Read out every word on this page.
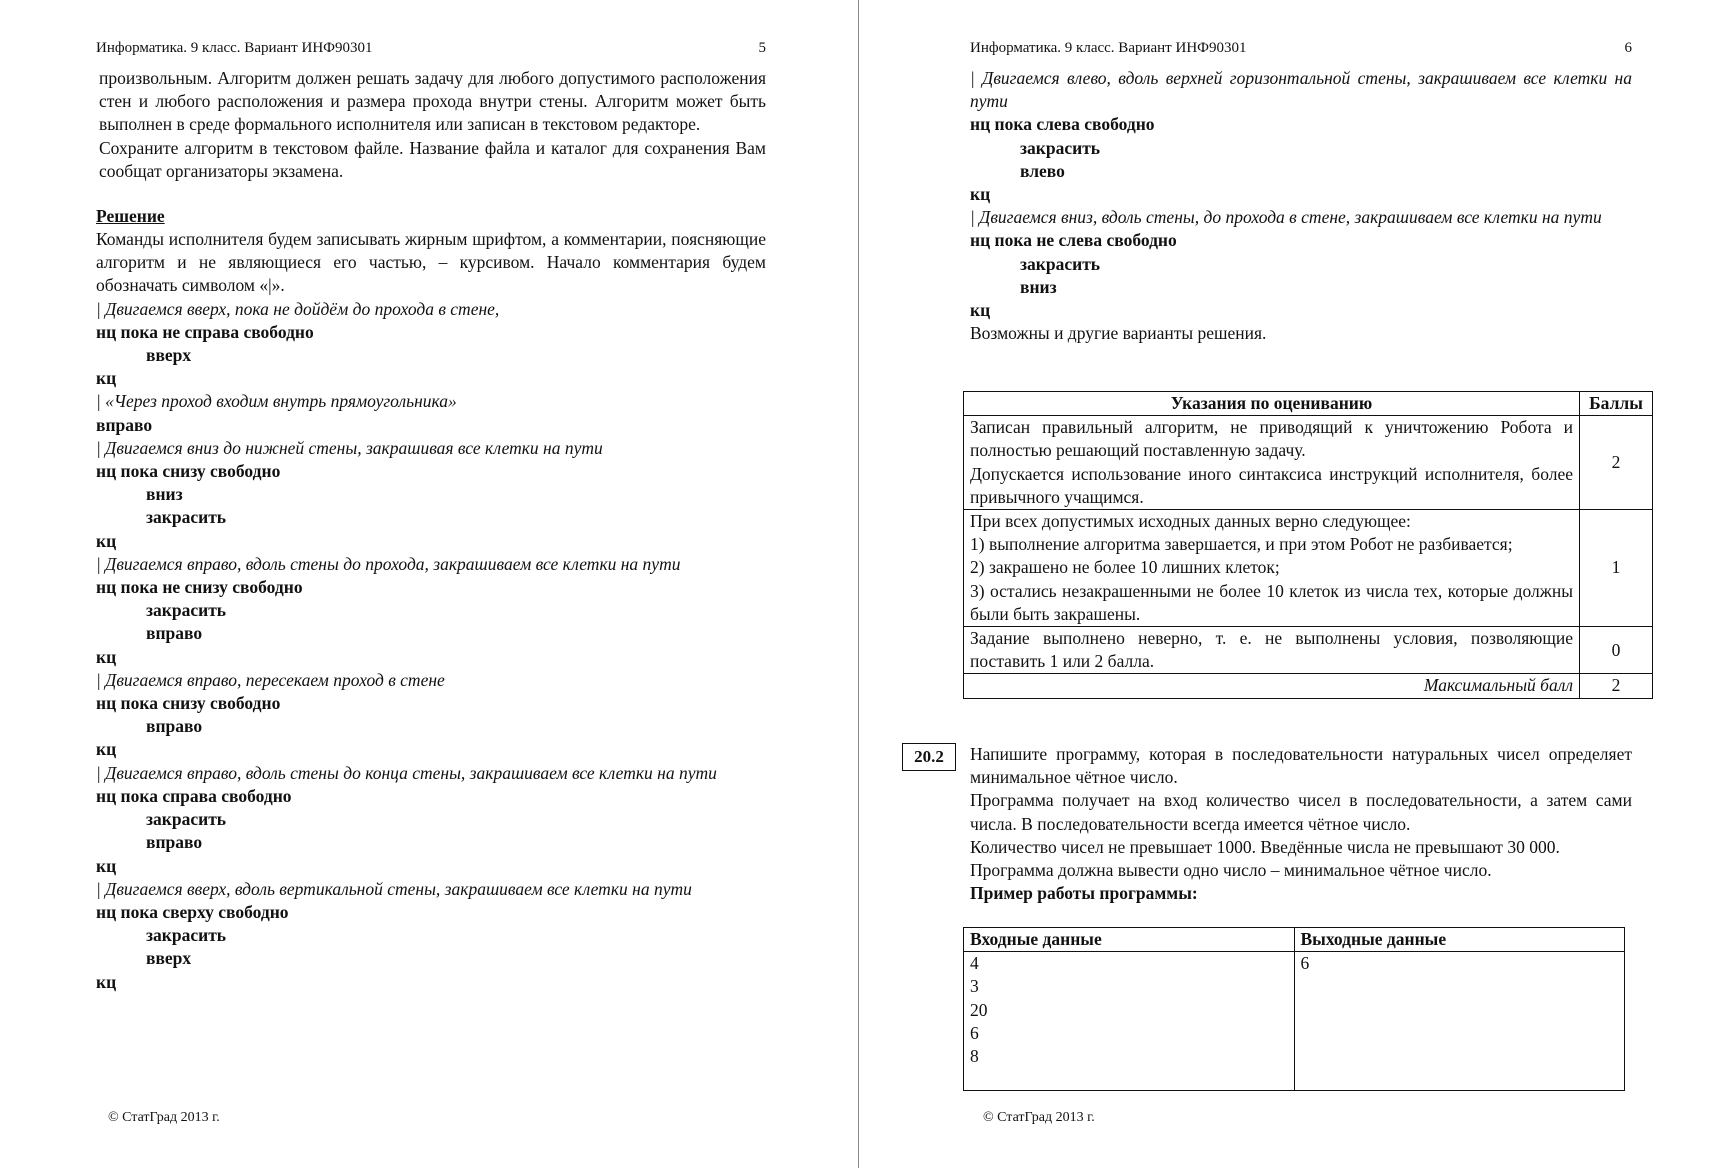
Информатика. 9 класс. Вариант ИНФ90301	5

произвольным. Алгоритм должен решать задачу для любого допустимого расположения стен и любого расположения и размера прохода внутри стены. Алгоритм может быть выполнен в среде формального исполнителя или записан в текстовом редакторе.

Сохраните алгоритм в текстовом файле. Название файла и каталог для сохранения Вам сообщат организаторы экзамена.

Решение

Команды исполнителя будем записывать жирным шрифтом, а комментарии, поясняющие алгоритм и не являющиеся его частью, – курсивом. Начало комментария будем обозначать символом «|».

| Двигаемся вверх, пока не дойдём до прохода в стене,

нц пока не справа свободно

вверх

кц

| «Через проход входим внутрь прямоугольника»

вправо

| Двигаемся вниз до нижней стены, закрашивая все клетки на пути

нц пока снизу свободно

вниз

закрасить

кц

| Двигаемся вправо, вдоль стены до прохода, закрашиваем все клетки на пути

нц пока не снизу свободно

закрасить

вправо

кц

| Двигаемся вправо, пересекаем проход в стене

нц пока снизу свободно

вправо

кц

| Двигаемся вправо, вдоль стены до конца стены, закрашиваем все клетки на пути

нц пока справа свободно

закрасить

вправо

кц

| Двигаемся вверх, вдоль вертикальной стены, закрашиваем все клетки на пути

нц пока сверху свободно

закрасить

вверх

кц

© СтатГрад 2013 г.
Информатика. 9 класс. Вариант ИНФ90301	6

| Двигаемся влево, вдоль верхней горизонтальной стены, закрашиваем все клетки на пути

нц пока слева свободно

закрасить

влево

кц

| Двигаемся вниз, вдоль стены, до прохода в стене, закрашиваем все клетки на пути

нц пока не слева свободно

закрасить

вниз

кц

Возможны и другие варианты решения.

Указания по оцениванию	Баллы

Записан правильный алгоритм, не приводящий к уничтожению Робота и полностью решающий поставленную задачу.
Допускается использование иного синтаксиса инструкций исполнителя, более привычного учащимся.	2

При всех допустимых исходных данных верно следующее:
1) выполнение алгоритма завершается, и при этом Робот не разбивается;
2) закрашено не более 10 лишних клеток;
3) остались незакрашенными не более 10 клеток из числа тех, которые должны были быть закрашены.	1

Задание выполнено неверно, т. е. не выполнены условия, позволяющие поставить 1 или 2 балла.	0
Максимальный балл	2
20.2	Напишите программу, которая в последовательности натуральных чисел определяет минимальное чётное число.

Программа получает на вход количество чисел в последовательности, а затем сами числа. В последовательности всегда имеется чётное число.

Количество чисел не превышает 1000. Введённые числа не превышают 30 000.

Программа должна вывести одно число – минимальное чётное число.

Пример работы программы:

Входные данные	Выходные данные

4
3
20
6
8	6
© СтатГрад 2013 г.
